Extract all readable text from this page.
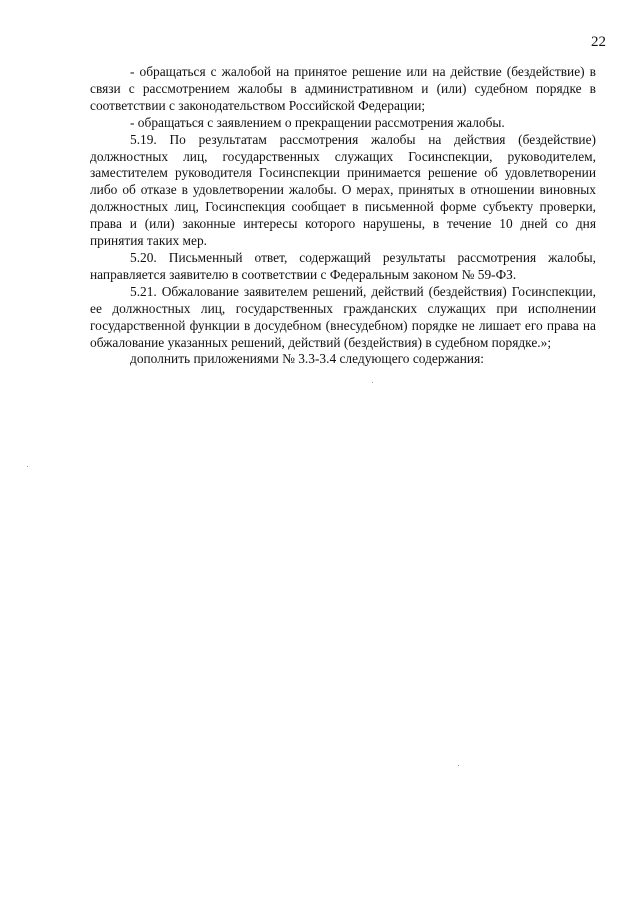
22

- обращаться с жалобой на принятое решение или на действие (бездействие) в связи с рассмотрением жалобы в административном и (или) судебном порядке в соответствии с законодательством Российской Федерации;

- обращаться с заявлением о прекращении рассмотрения жалобы.

5.19. По результатам рассмотрения жалобы на действия (бездействие) должностных лиц, государственных служащих Госинспекции, руководителем, заместителем руководителя Госинспекции принимается решение об удовлетворении либо об отказе в удовлетворении жалобы. О мерах, принятых в отношении виновных должностных лиц, Госинспекция сообщает в письменной форме субъекту проверки, права и (или) законные интересы которого нарушены, в течение 10 дней со дня принятия таких мер.

5.20. Письменный ответ, содержащий результаты рассмотрения жалобы, направляется заявителю в соответствии с Федеральным законом № 59-ФЗ.

5.21. Обжалование заявителем решений, действий (бездействия) Госинспекции, ее должностных лиц, государственных гражданских служащих при исполнении государственной функции в досудебном (внесудебном) порядке не лишает его права на обжалование указанных решений, действий (бездействия) в судебном порядке.»;

дополнить приложениями № 3.3-3.4 следующего содержания:
